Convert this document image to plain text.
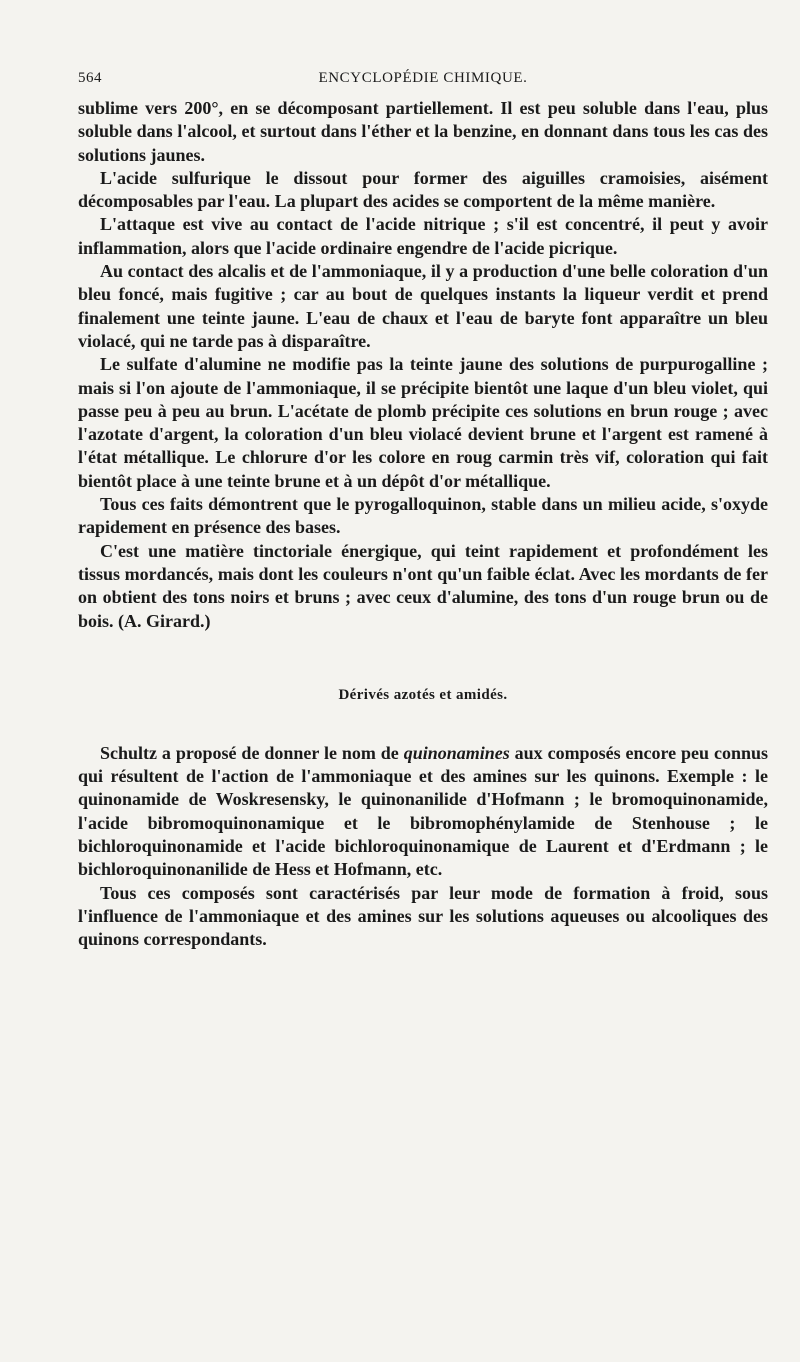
564	ENCYCLOPÉDIE CHIMIQUE.

sublime vers 200°, en se décomposant partiellement. Il est peu soluble dans l'eau, plus soluble dans l'alcool, et surtout dans l'éther et la benzine, en donnant dans tous les cas des solutions jaunes.

L'acide sulfurique le dissout pour former des aiguilles cramoisies, aisément décomposables par l'eau. La plupart des acides se comportent de la même manière.

L'attaque est vive au contact de l'acide nitrique ; s'il est concentré, il peut y avoir inflammation, alors que l'acide ordinaire engendre de l'acide picrique.

Au contact des alcalis et de l'ammoniaque, il y a production d'une belle coloration d'un bleu foncé, mais fugitive ; car au bout de quelques instants la liqueur verdit et prend finalement une teinte jaune. L'eau de chaux et l'eau de baryte font apparaître un bleu violacé, qui ne tarde pas à disparaître.

Le sulfate d'alumine ne modifie pas la teinte jaune des solutions de purpurogalline ; mais si l'on ajoute de l'ammoniaque, il se précipite bientôt une laque d'un bleu violet, qui passe peu à peu au brun. L'acétate de plomb précipite ces solutions en brun rouge ; avec l'azotate d'argent, la coloration d'un bleu violacé devient brune et l'argent est ramené à l'état métallique. Le chlorure d'or les colore en roug carmin très vif, coloration qui fait bientôt place à une teinte brune et à un dépôt d'or métallique.

Tous ces faits démontrent que le pyrogalloquinon, stable dans un milieu acide, s'oxyde rapidement en présence des bases.

C'est une matière tinctoriale énergique, qui teint rapidement et profondément les tissus mordancés, mais dont les couleurs n'ont qu'un faible éclat. Avec les mordants de fer on obtient des tons noirs et bruns ; avec ceux d'alumine, des tons d'un rouge brun ou de bois. (A. Girard.)

Dérivés azotés et amidés.

Schultz a proposé de donner le nom de quinonamines aux composés encore peu connus qui résultent de l'action de l'ammoniaque et des amines sur les quinons. Exemple : le quinonamide de Woskresensky, le quinonanilide d'Hofmann ; le bromoquinonamide, l'acide bibromoquinonamique et le bibromophénylamide de Stenhouse ; le bichloroquinonamide et l'acide bichloroquinonamique de Laurent et d'Erdmann ; le bichloroquinonanilide de Hess et Hofmann, etc.

Tous ces composés sont caractérisés par leur mode de formation à froid, sous l'influence de l'ammoniaque et des amines sur les solutions aqueuses ou alcooliques des quinons correspondants.
